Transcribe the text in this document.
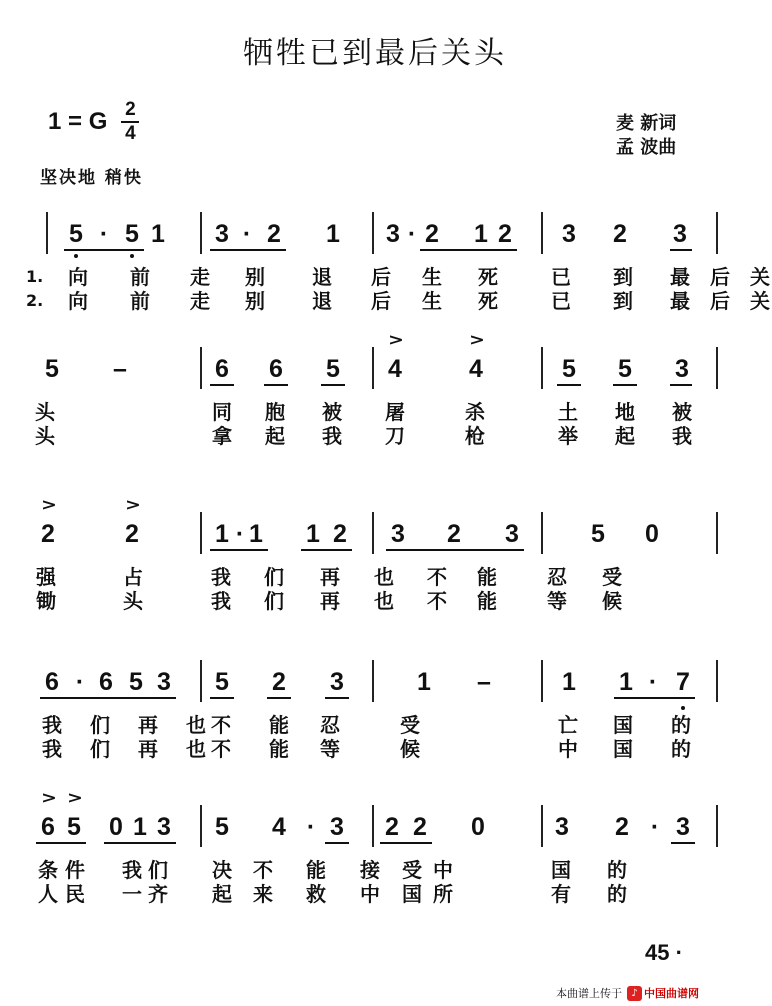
牺牲已到最后关头
1 = G 2
4	麦 新词
孟 波曲
坚决地 稍快
5 · 5 1 3 · 2 1 3 · 2 1 2 3 2 3
1. 向 前 走 别 退 后 生 死	已 到 最 后 关
2. 向 前 走 别 退 后 生 死	已 到 最 后 关
>	>
5 –	6 6 5 4	4	5 5 3
头	同 胞 被 屠	杀	土 地 被
头	拿 起 我 刀	枪	举 起 我
>	>
2	2	1 · 1 1 2 3 2 3	5 0
强	占	我 们 再 也 不 能	忍 受
锄	头	我 们 再 也 不 能	等 候
6 · 6 5 3 5 2 3	1 –	1 1 · 7
我 们 再 也 不 能 忍	受	亡 国 的
我 们 再 也 不 能 等	候	中 国 的
> >
6 5 0 1 3 5 4 · 3 2 2 0	3 2 · 3
条 件 我 们 决 不 能 接 受 中	国 的
人 民 一 齐 起 来 救 中 国 所	有 的
45 ·
本曲谱上传于 ♪ 中国曲谱网
